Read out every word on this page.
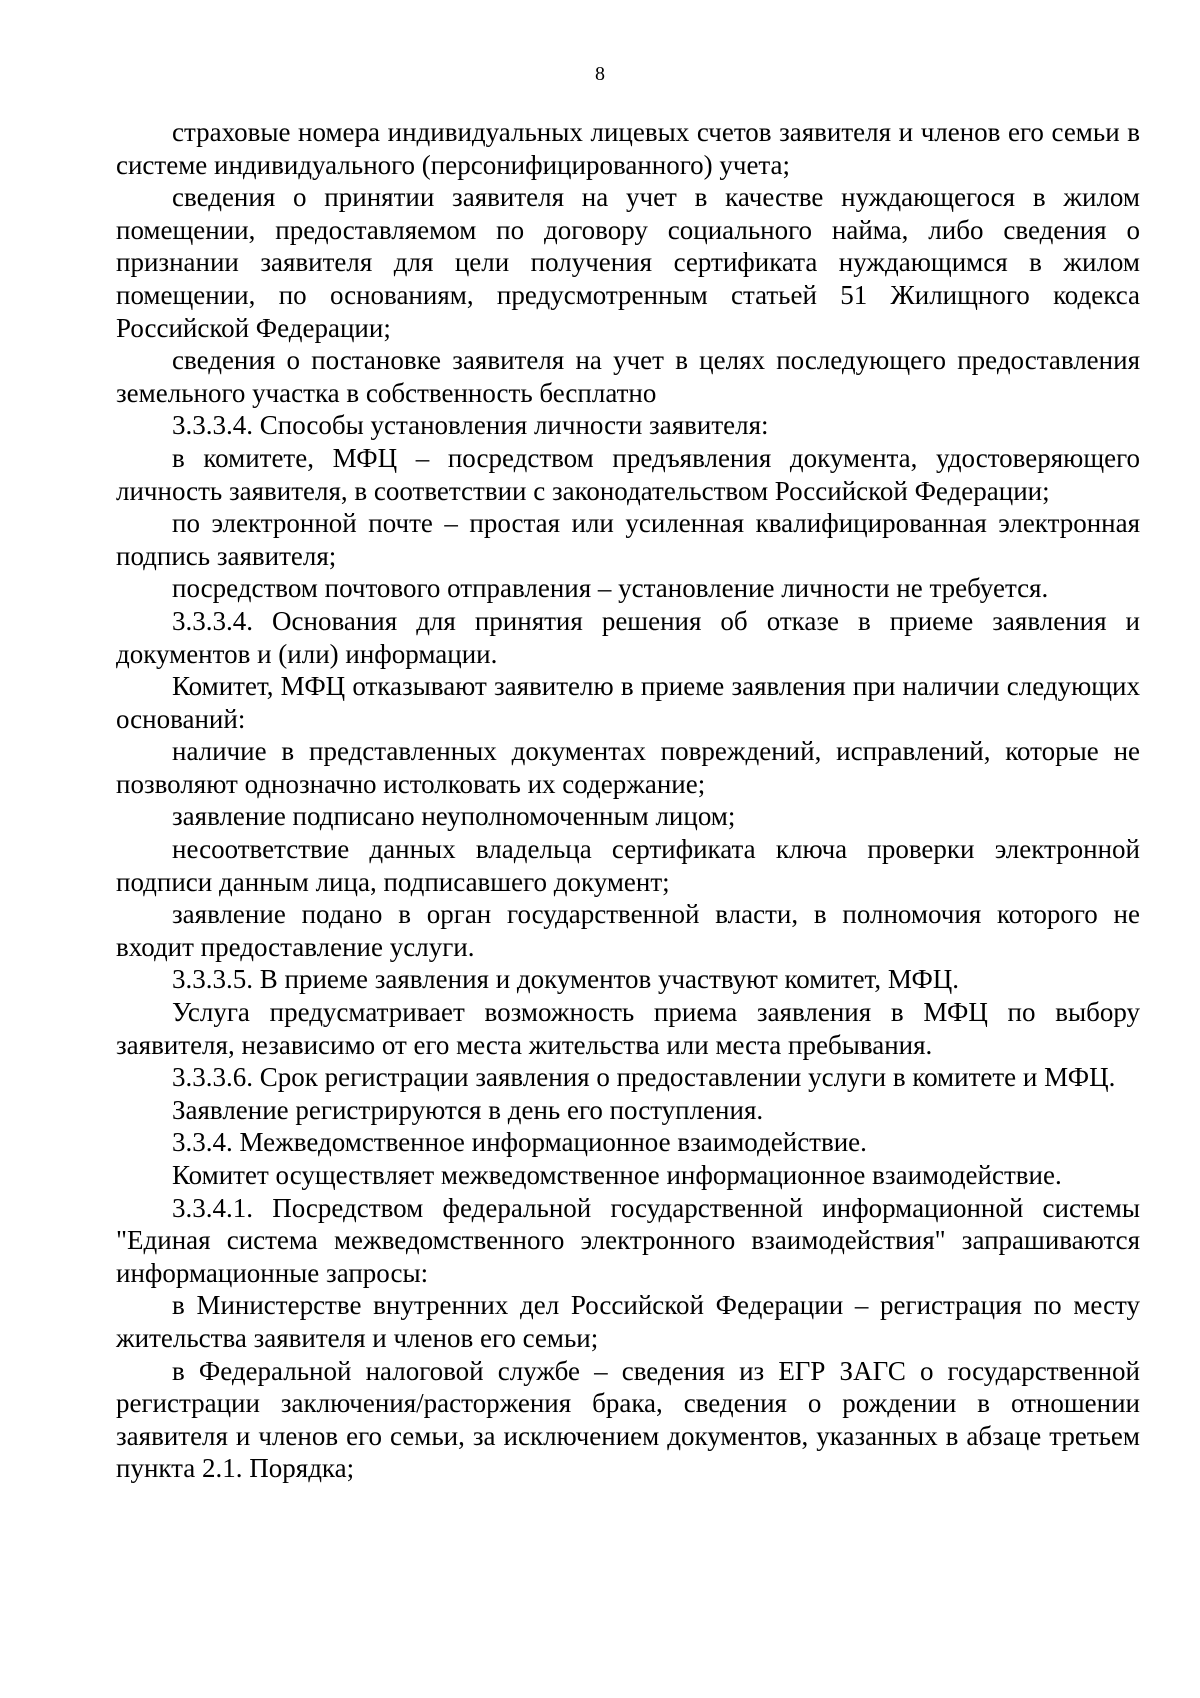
8

страховые номера индивидуальных лицевых счетов заявителя и членов его семьи в системе индивидуального (персонифицированного) учета;

сведения о принятии заявителя на учет в качестве нуждающегося в жилом помещении, предоставляемом по договору социального найма, либо сведения о признании заявителя для цели получения сертификата нуждающимся в жилом помещении, по основаниям, предусмотренным статьей 51 Жилищного кодекса Российской Федерации;

сведения о постановке заявителя на учет в целях последующего предоставления земельного участка в собственность бесплатно

3.3.3.4. Способы установления личности заявителя:

в комитете, МФЦ – посредством предъявления документа, удостоверяющего личность заявителя, в соответствии с законодательством Российской Федерации;

по электронной почте – простая или усиленная квалифицированная электронная подпись заявителя;

посредством почтового отправления – установление личности не требуется.

3.3.3.4. Основания для принятия решения об отказе в приеме заявления и документов и (или) информации.

Комитет, МФЦ отказывают заявителю в приеме заявления при наличии следующих оснований:

наличие в представленных документах повреждений, исправлений, которые не позволяют однозначно истолковать их содержание;

заявление подписано неуполномоченным лицом;

несоответствие данных владельца сертификата ключа проверки электронной подписи данным лица, подписавшего документ;

заявление подано в орган государственной власти, в полномочия которого не входит предоставление услуги.

3.3.3.5. В приеме заявления и документов участвуют комитет, МФЦ.

Услуга предусматривает возможность приема заявления в МФЦ по выбору заявителя, независимо от его места жительства или места пребывания.

3.3.3.6. Срок регистрации заявления о предоставлении услуги в комитете и МФЦ.

Заявление регистрируются в день его поступления.

3.3.4. Межведомственное информационное взаимодействие.

Комитет осуществляет межведомственное информационное взаимодействие.

3.3.4.1. Посредством федеральной государственной информационной системы "Единая система межведомственного электронного взаимодействия" запрашиваются информационные запросы:

в Министерстве внутренних дел Российской Федерации – регистрация по месту жительства заявителя и членов его семьи;

в Федеральной налоговой службе – сведения из ЕГР ЗАГС о государственной регистрации заключения/расторжения брака, сведения о рождении в отношении заявителя и членов его семьи, за исключением документов, указанных в абзаце третьем пункта 2.1. Порядка;
